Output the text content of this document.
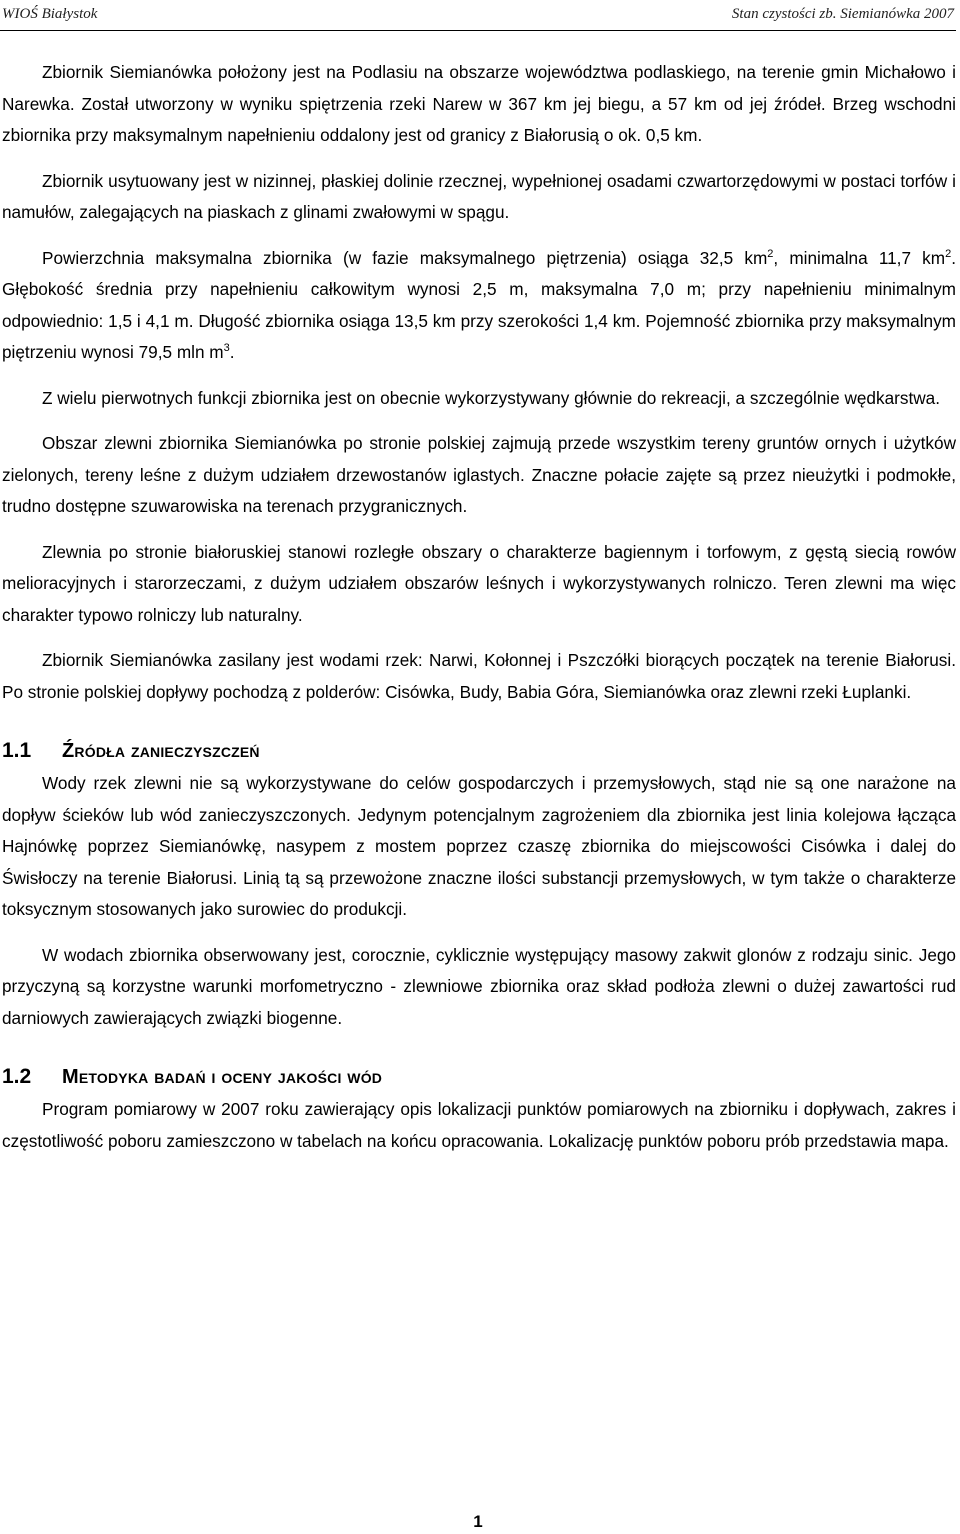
WIOŚ Białystok	Stan czystości zb. Siemianówka 2007

Zbiornik Siemianówka położony jest na Podlasiu na obszarze województwa podlaskiego, na terenie gmin Michałowo i Narewka. Został utworzony w wyniku spiętrzenia rzeki Narew w 367 km jej biegu, a 57 km od jej źródeł. Brzeg wschodni zbiornika przy maksymalnym napełnieniu oddalony jest od granicy z Białorusią o ok. 0,5 km.

Zbiornik usytuowany jest w nizinnej, płaskiej dolinie rzecznej, wypełnionej osadami czwartorzędowymi w postaci torfów i namułów, zalegających na piaskach z glinami zwałowymi w spągu.

Powierzchnia maksymalna zbiornika (w fazie maksymalnego piętrzenia) osiąga 32,5 $km^2$, minimalna 11,7 $km^2$. Głębokość średnia przy napełnieniu całkowitym wynosi 2,5 m, maksymalna 7,0 m; przy napełnieniu minimalnym odpowiednio: 1,5 i 4,1 m. Długość zbiornika osiąga 13,5 km przy szerokości 1,4 km. Pojemność zbiornika przy maksymalnym piętrzeniu wynosi 79,5 mln $m^3$.

Z wielu pierwotnych funkcji zbiornika jest on obecnie wykorzystywany głównie do rekreacji, a szczególnie wędkarstwa.

Obszar zlewni zbiornika Siemianówka po stronie polskiej zajmują przede wszystkim tereny gruntów ornych i użytków zielonych, tereny leśne z dużym udziałem drzewostanów iglastych. Znaczne połacie zajęte są przez nieużytki i podmokłe, trudno dostępne szuwarowiska na terenach przygranicznych.

Zlewnia po stronie białoruskiej stanowi rozległe obszary o charakterze bagiennym i torfowym, z gęstą siecią rowów melioracyjnych i starorzeczami, z dużym udziałem obszarów leśnych i wykorzystywanych rolniczo. Teren zlewni ma więc charakter typowo rolniczy lub naturalny.

Zbiornik Siemianówka zasilany jest wodami rzek: Narwi, Kołonnej i Pszczółki biorących początek na terenie Białorusi. Po stronie polskiej dopływy pochodzą z polderów: Cisówka, Budy, Babia Góra, Siemianówka oraz zlewni rzeki Łuplanki.

1.1	Źródła zanieczyszczeń

Wody rzek zlewni nie są wykorzystywane do celów gospodarczych i przemysłowych, stąd nie są one narażone na dopływ ścieków lub wód zanieczyszczonych. Jedynym potencjalnym zagrożeniem dla zbiornika jest linia kolejowa łącząca Hajnówkę poprzez Siemianówkę, nasypem z mostem poprzez czaszę zbiornika do miejscowości Cisówka i dalej do Świsłoczy na terenie Białorusi. Linią tą są przewożone znaczne ilości substancji przemysłowych, w tym także o charakterze toksycznym stosowanych jako surowiec do produkcji.

W wodach zbiornika obserwowany jest, corocznie, cyklicznie występujący masowy zakwit glonów z rodzaju sinic. Jego przyczyną są korzystne warunki morfometryczno - zlewniowe zbiornika oraz skład podłoża zlewni o dużej zawartości rud darniowych zawierających związki biogenne.

1.2	Metodyka badań i oceny jakości wód

Program pomiarowy w 2007 roku zawierający opis lokalizacji punktów pomiarowych na zbiorniku i dopływach, zakres i częstotliwość poboru zamieszczono w tabelach na końcu opracowania. Lokalizację punktów poboru prób przedstawia mapa.

1
